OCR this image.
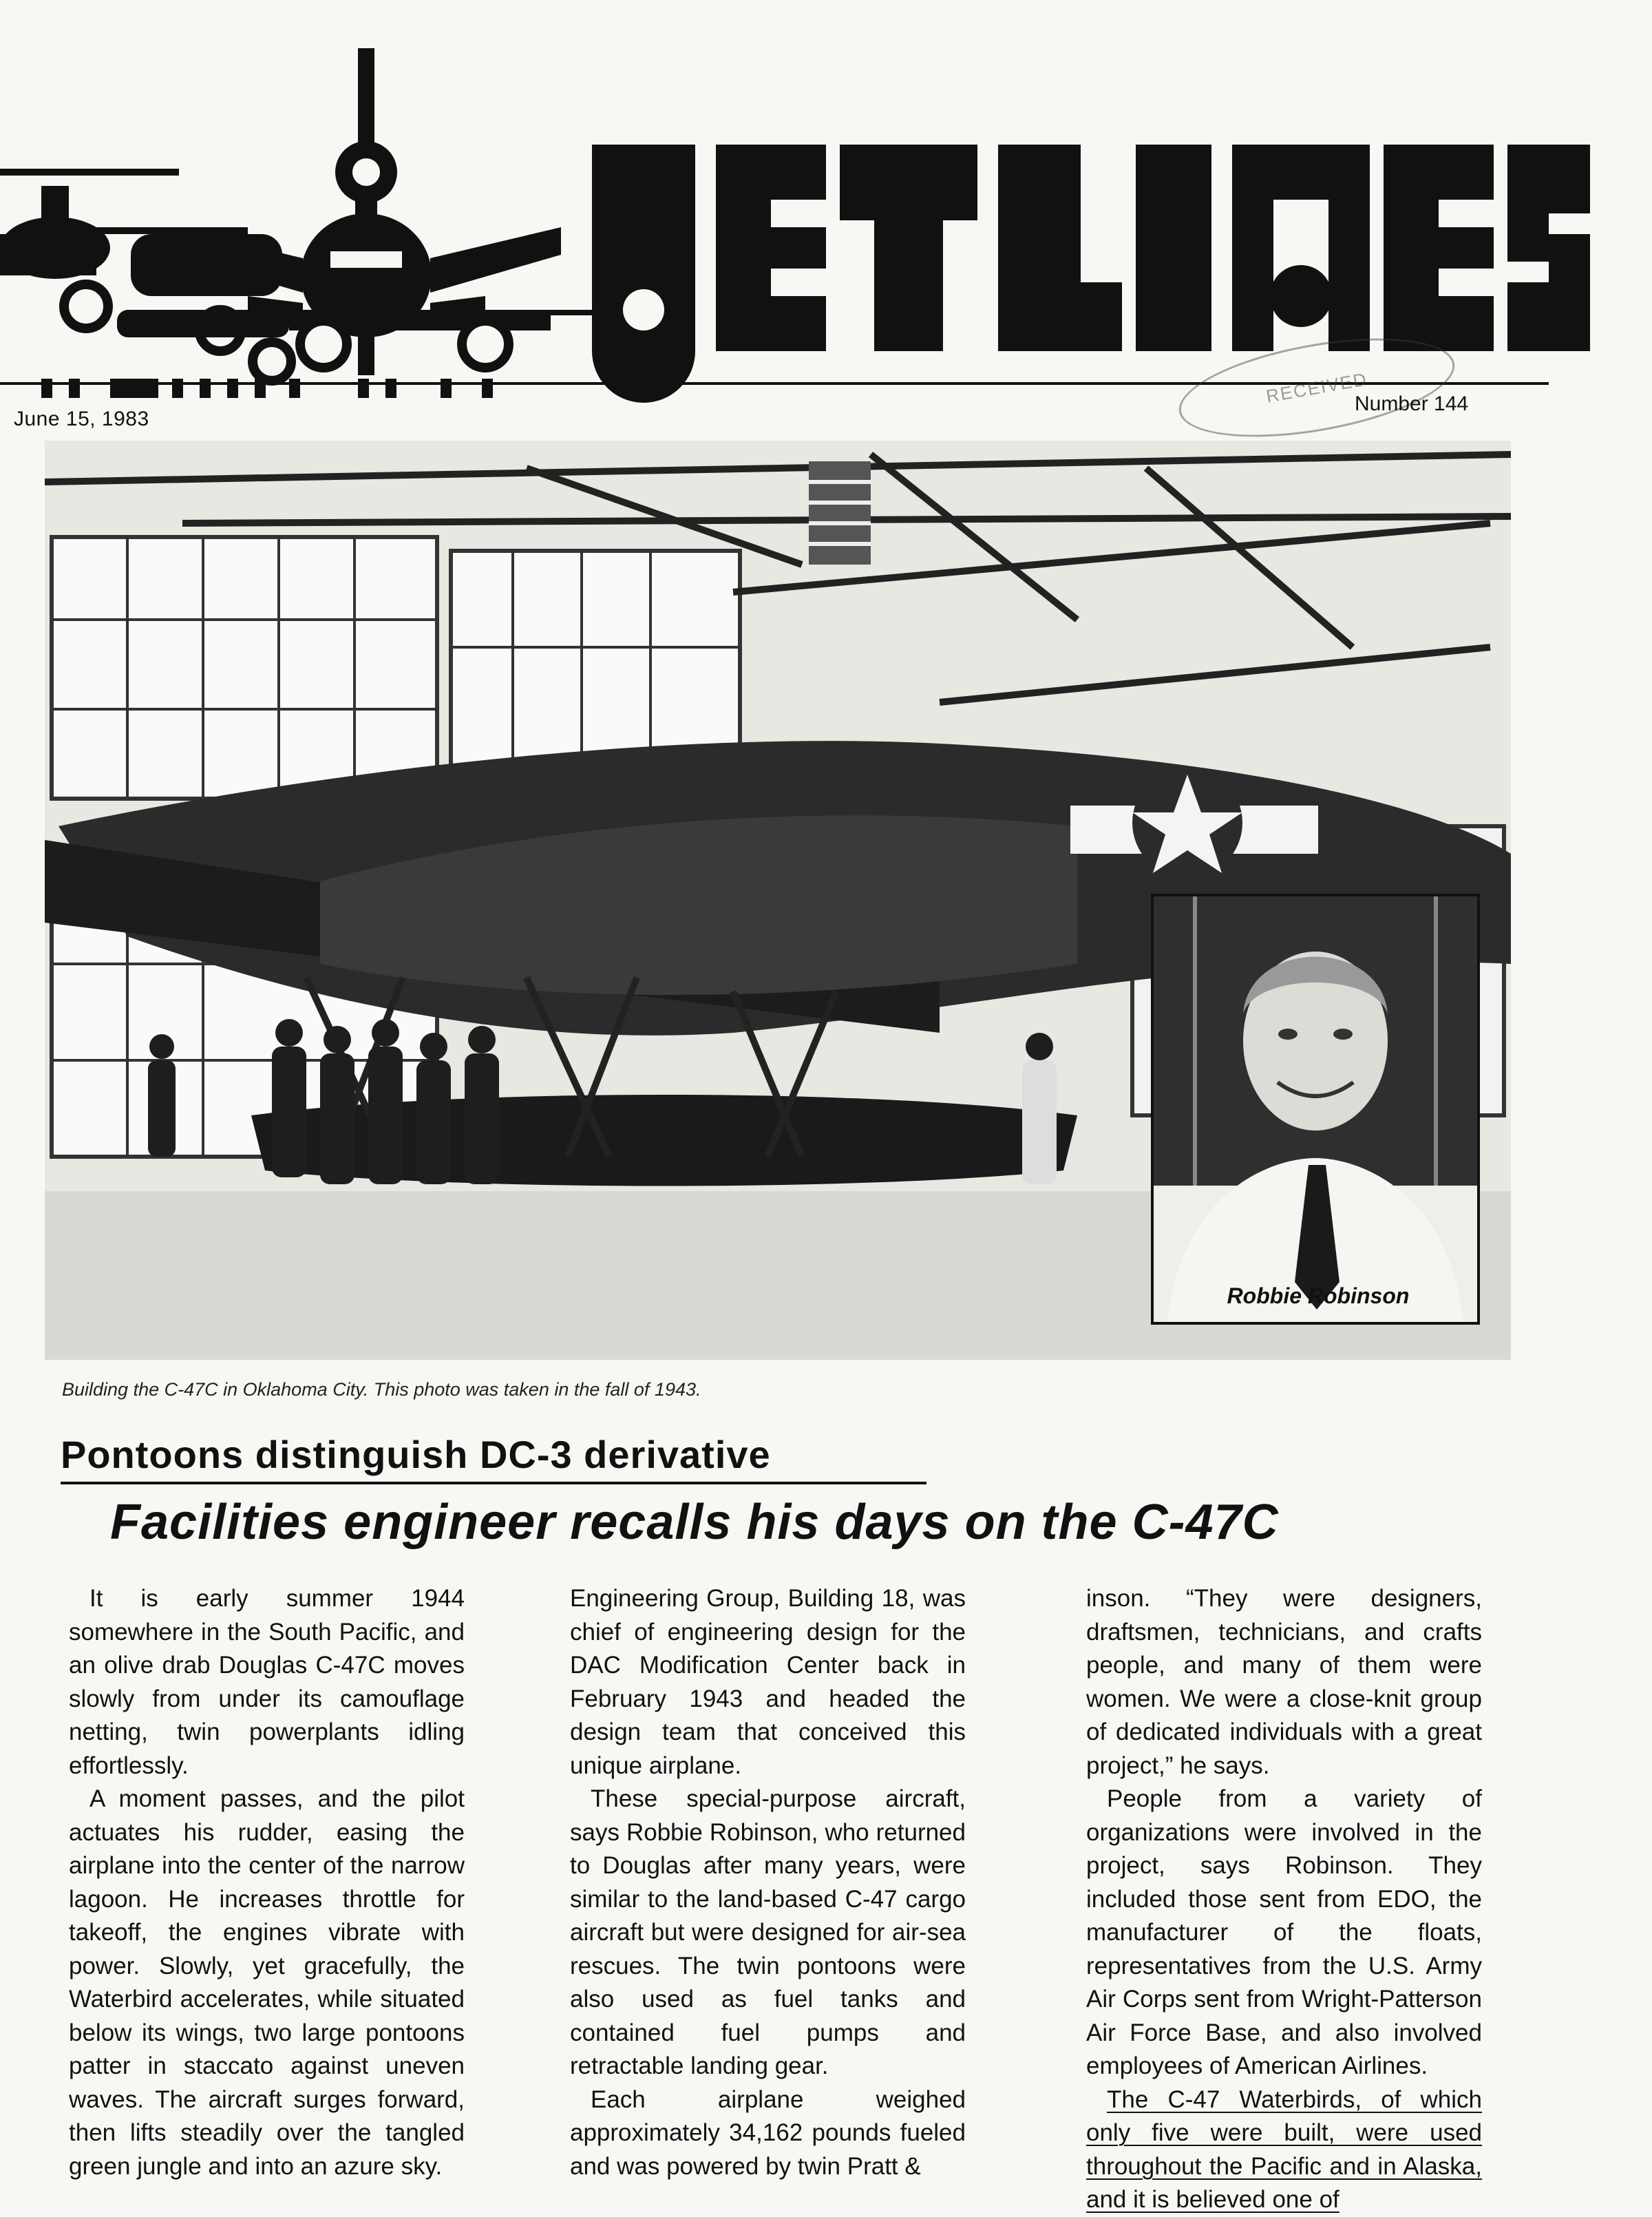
RECEIVED
June 15, 1983
Number 144
Robbie Robinson
Building the C-47C in Oklahoma City. This photo was taken in the fall of 1943.
Pontoons distinguish DC-3 derivative
Facilities engineer recalls his days on the C-47C

It is early summer 1944 somewhere in the South Pacific, and an olive drab Douglas C-47C moves slowly from under its camouflage netting, twin powerplants idling effortlessly.

A moment passes, and the pilot actuates his rudder, easing the airplane into the center of the narrow lagoon. He increases throttle for takeoff, the engines vibrate with power. Slowly, yet gracefully, the Waterbird accelerates, while situated below its wings, two large pontoons patter in staccato against uneven waves. The aircraft surges forward, then lifts steadily over the tangled green jungle and into an azure sky.

Engineering Group, Building 18, was chief of engineering design for the DAC Modification Center back in February 1943 and headed the design team that conceived this unique airplane.

These special-purpose aircraft, says Robbie Robinson, who returned to Douglas after many years, were similar to the land-based C-47 cargo aircraft but were designed for air-sea rescues. The twin pontoons were also used as fuel tanks and contained fuel pumps and retractable landing gear.

Each airplane weighed approximately 34,162 pounds fueled and was powered by twin Pratt &

inson. “They were designers, draftsmen, technicians, and crafts people, and many of them were women. We were a close-knit group of dedicated individuals with a great project,” he says.

People from a variety of organizations were involved in the project, says Robinson. They included those sent from EDO, the manufacturer of the floats, representatives from the U.S. Army Air Corps sent from Wright-Patterson Air Force Base, and also involved employees of American Airlines.

The C-47 Waterbirds, of which only five were built, were used throughout the Pacific and in Alaska, and it is believed one of
